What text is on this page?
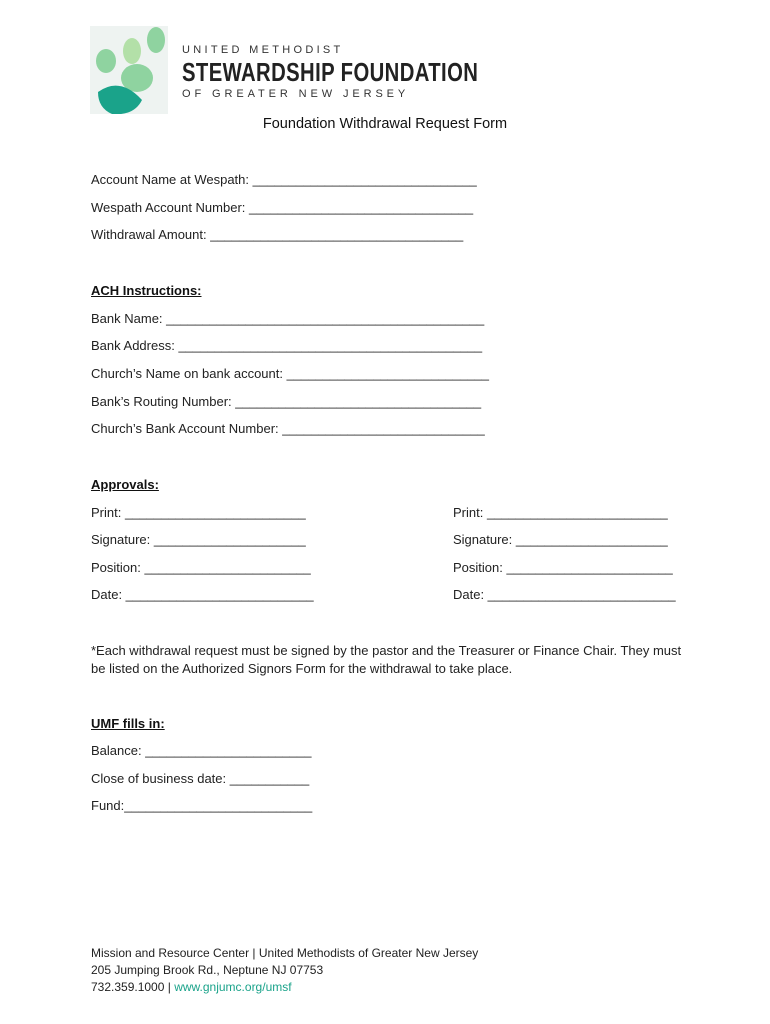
UNITED METHODIST
STEWARDSHIP FOUNDATION
OF GREATER NEW JERSEY
Foundation Withdrawal Request Form
Account Name at Wespath: _______________________________
Wespath Account Number: _______________________________
Withdrawal Amount: ___________________________________
ACH Instructions:
Bank Name: ____________________________________________
Bank Address: __________________________________________
Church’s Name on bank account: ____________________________
Bank’s Routing Number: __________________________________
Church’s Bank Account Number: ____________________________
Approvals:
Print: _________________________
Signature: _____________________
Position: _______________________
Date: __________________________
Print: _________________________
Signature: _____________________
Position: _______________________
Date: __________________________
*Each withdrawal request must be signed by the pastor and the Treasurer or Finance Chair. They must be listed on the Authorized Signors Form for the withdrawal to take place.
UMF fills in:
Balance: _______________________
Close of business date: ___________
Fund:__________________________
Mission and Resource Center | United Methodists of Greater New Jersey
205 Jumping Brook Rd., Neptune NJ 07753
732.359.1000 | www.gnjumc.org/umsf
